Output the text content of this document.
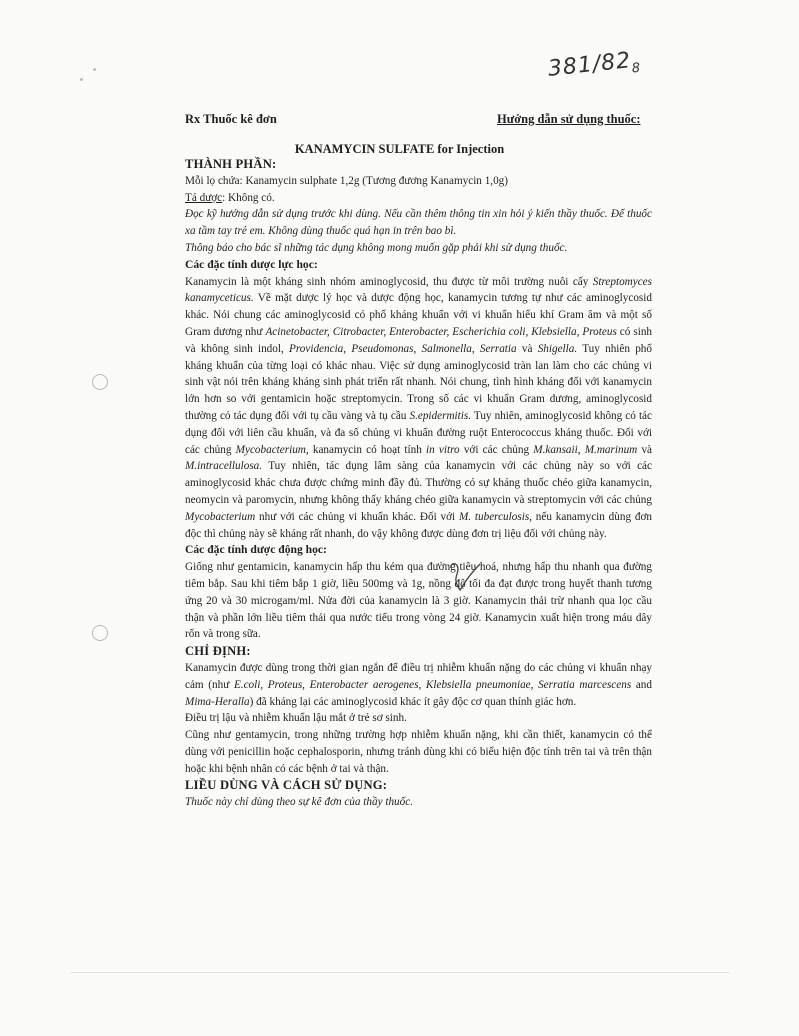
$381/82_8$
Rx Thuốc kê đơn	Hướng dẫn sử dụng thuốc:
KANAMYCIN SULFATE for Injection

THÀNH PHẦN:

Mỗi lọ chứa: Kanamycin sulphate 1,2g (Tương đương Kanamycin 1,0g)

Tá dược: Không có.

Đọc kỹ hướng dẫn sử dụng trước khi dùng. Nếu cần thêm thông tin xin hỏi ý kiến thầy thuốc. Để thuốc xa tầm tay trẻ em. Không dùng thuốc quá hạn in trên bao bì.

Thông báo cho bác sĩ những tác dụng không mong muốn gặp phải khi sử dụng thuốc.

Các đặc tính dược lực học:

Kanamycin là một kháng sinh nhóm aminoglycosid, thu được từ môi trường nuôi cấy Streptomyces kanamyceticus. Về mặt dược lý học và dược động học, kanamycin tương tự như các aminoglycosid khác. Nói chung các aminoglycosid có phổ kháng khuẩn với vi khuẩn hiếu khí Gram âm và một số Gram dương như Acinetobacter, Citrobacter, Enterobacter, Escherichia coli, Klebsiella, Proteus có sinh và không sinh indol, Providencia, Pseudomonas, Salmonella, Serratia và Shigella. Tuy nhiên phổ kháng khuẩn của từng loại có khác nhau. Việc sử dụng aminoglycosid tràn lan làm cho các chủng vi sinh vật nói trên kháng kháng sinh phát triển rất nhanh. Nói chung, tình hình kháng đối với kanamycin lớn hơn so với gentamicin hoặc streptomycin. Trong số các vi khuẩn Gram dương, aminoglycosid thường có tác dụng đối với tụ cầu vàng và tụ cầu S.epidermitis. Tuy nhiên, aminoglycosid không có tác dụng đối với liên cầu khuẩn, và đa số chủng vi khuẩn đường ruột Enterococcus kháng thuốc. Đối với các chủng Mycobacterium, kanamycin có hoạt tính in vitro với các chủng M.kansaii, M.marinum và M.intracellulosa. Tuy nhiên, tác dụng lâm sàng của kanamycin với các chủng này so với các aminoglycosid khác chưa được chứng minh đầy đủ. Thường có sự kháng thuốc chéo giữa kanamycin, neomycin và paromycin, nhưng không thấy kháng chéo giữa kanamycin và streptomycin với các chủng Mycobacterium như với các chủng vi khuẩn khác. Đối với M. tuberculosis, nếu kanamycin dùng đơn độc thì chủng này sẽ kháng rất nhanh, do vậy không được dùng đơn trị liệu đối với chủng này.

Các đặc tính dược động học:

Giống như gentamicin, kanamycin hấp thu kém qua đường tiêu hoá, nhưng hấp thu nhanh qua đường tiêm bắp. Sau khi tiêm bắp 1 giờ, liều 500mg và 1g, nồng độ tối đa đạt được trong huyết thanh tương ứng 20 và 30 microgam/ml. Nửa đời của kanamycin là 3 giờ. Kanamycin thải trừ nhanh qua lọc cầu thận và phần lớn liều tiêm thải qua nước tiểu trong vòng 24 giờ. Kanamycin xuất hiện trong máu dây rốn và trong sữa.

CHỈ ĐỊNH:

Kanamycin được dùng trong thời gian ngắn để điều trị nhiễm khuẩn nặng do các chủng vi khuẩn nhạy cảm (như E.coli, Proteus, Enterobacter aerogenes, Klebsiella pneumoniae, Serratia marcescens and Mima-Heralla) đã kháng lại các aminoglycosid khác ít gây độc cơ quan thính giác hơn.

Điều trị lậu và nhiễm khuẩn lậu mắt ở trẻ sơ sinh.

Cũng như gentamycin, trong những trường hợp nhiễm khuẩn nặng, khi cần thiết, kanamycin có thể dùng với penicillin hoặc cephalosporin, nhưng tránh dùng khi có biểu hiện độc tính trên tai và trên thận hoặc khi bệnh nhân có các bệnh ở tai và thận.

LIỀU DÙNG VÀ CÁCH SỬ DỤNG:

Thuốc này chỉ dùng theo sự kê đơn của thầy thuốc.
